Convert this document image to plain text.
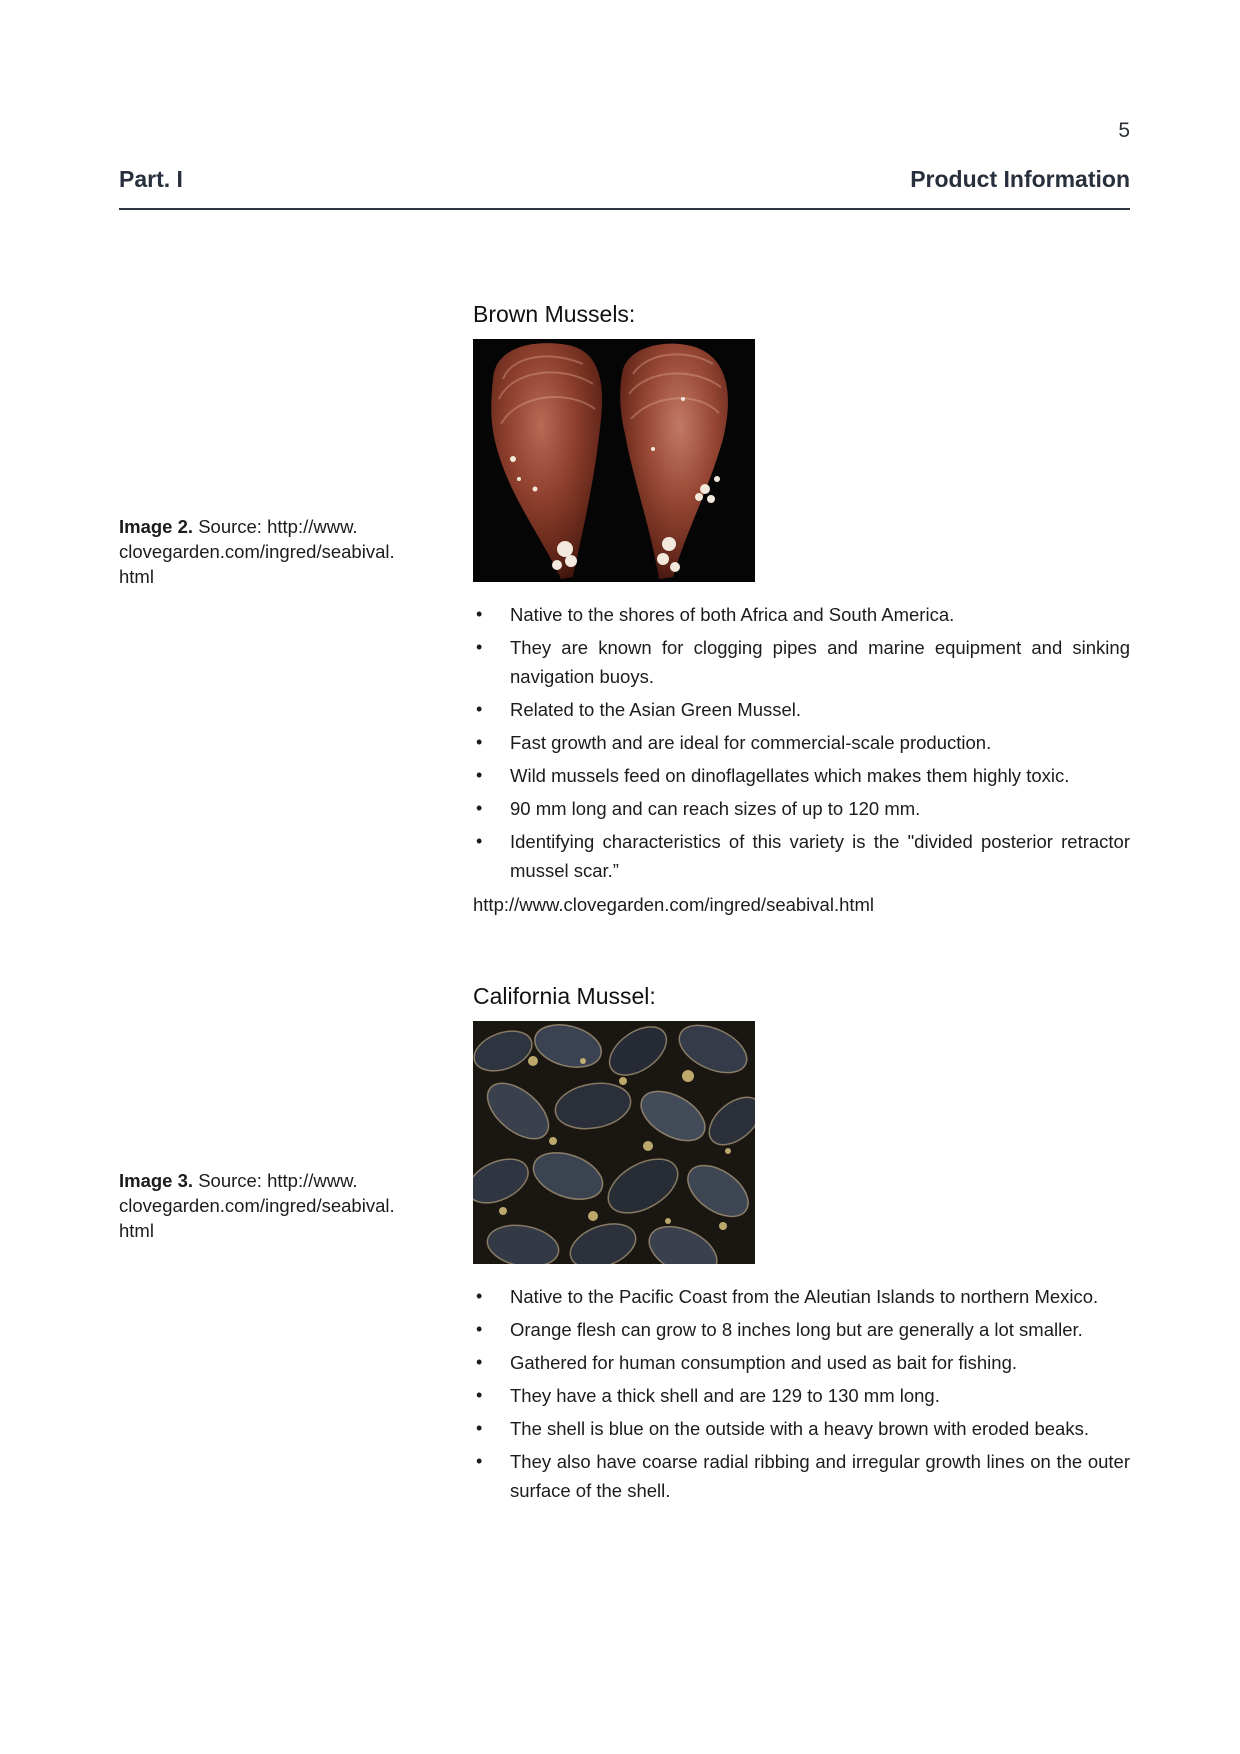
5
Part. I	Product Information
Image 2. Source: http://www. clovegarden.com/ingred/seabival. html
Brown Mussels:
• Native to the shores of both Africa and South America.
• They are known for clogging pipes and marine equipment and sinking navigation buoys.
• Related to the Asian Green Mussel.
• Fast growth and are ideal for commercial-scale production.
• Wild mussels feed on dinoflagellates which makes them highly toxic.
• 90 mm long and can reach sizes of up to 120 mm.
• Identifying characteristics of this variety is the "divided posterior retractor mussel scar.”
http://www.clovegarden.com/ingred/seabival.html
Image 3. Source: http://www. clovegarden.com/ingred/seabival. html
California Mussel:
• Native to the Pacific Coast from the Aleutian Islands to northern Mexico.
• Orange flesh can grow to 8 inches long but are generally a lot smaller.
• Gathered for human consumption and used as bait for fishing.
• They have a thick shell and are 129 to 130 mm long.
• The shell is blue on the outside with a heavy brown with eroded beaks.
• They also have coarse radial ribbing and irregular growth lines on the outer surface of the shell.
